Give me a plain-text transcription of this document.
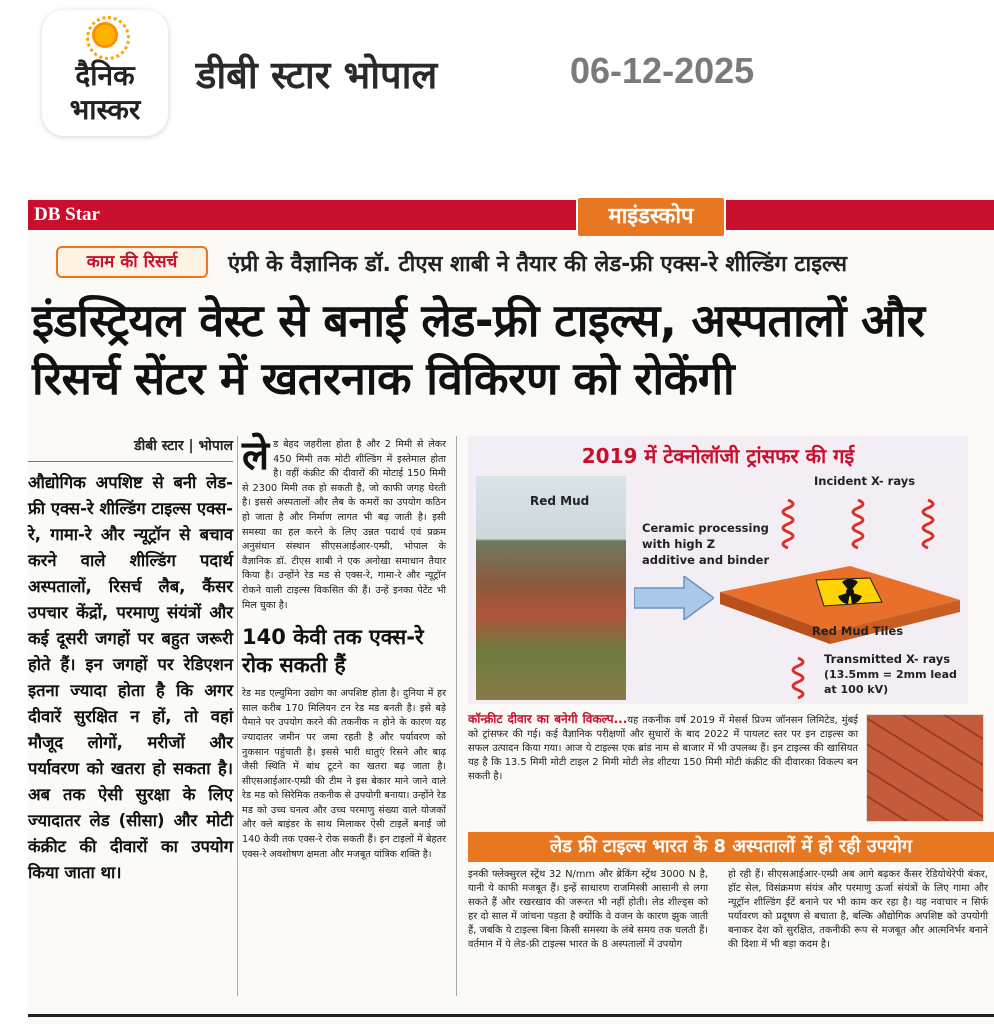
दैनिक
भास्कर
डीबी स्टार भोपाल	06-12-2025
DB Star	माइंडस्कोप
काम की रिसर्च	एंप्री के वैज्ञानिक डॉ. टीएस शाबी ने तैयार की लेड-फ्री एक्स-रे शील्डिंग टाइल्स
इंडस्ट्रियल वेस्ट से बनाई लेड-फ्री टाइल्स, अस्पतालों और रिसर्च सेंटर में खतरनाक विकिरण को रोकेंगी
डीबी स्टार | भोपाल

औद्योगिक अपशिष्ट से बनी लेड-फ्री एक्स-रे शील्डिंग टाइल्स एक्स-रे, गामा-रे और न्यूट्रॉन से बचाव करने वाले शील्डिंग पदार्थ अस्पतालों, रिसर्च लैब, कैंसर उपचार केंद्रों, परमाणु संयंत्रों और कई दूसरी जगहों पर बहुत जरूरी होते हैं। इन जगहों पर रेडिएशन इतना ज्यादा होता है कि अगर दीवारें सुरक्षित न हों, तो वहां मौजूद लोगों, मरीजों और पर्यावरण को खतरा हो सकता है। अब तक ऐसी सुरक्षा के लिए ज्यादातर लेड (सीसा) और मोटी कंक्रीट की दीवारों का उपयोग किया जाता था।

लेड बेहद जहरीला होता है और 2 मिमी से लेकर 450 मिमी तक मोटी शील्डिंग में इस्तेमाल होता है। वहीं कंक्रीट की दीवारों की मोटाई 150 मिमी से 2300 मिमी तक हो सकती है, जो काफी जगह घेरती है। इससे अस्पतालों और लैब के कमरों का उपयोग कठिन हो जाता है और निर्माण लागत भी बढ़ जाती है। इसी समस्या का हल करने के लिए उन्नत पदार्थ एवं प्रक्रम अनुसंधान संस्थान सीएसआईआर-एम्प्री, भोपाल के वैज्ञानिक डॉ. टीएस शाबी ने एक अनोखा समाधान तैयार किया है। उन्होंने रेड मड से एक्स-रे, गामा-रे और न्यूट्रॉन रोकने वाली टाइल्स विकसित की हैं। उन्हें इनका पेटेंट भी मिल चुका है।

140 केवी तक एक्स-रे रोक सकती हैं

रेड मड एल्युमिना उद्योग का अपशिष्ट होता है। दुनिया में हर साल करीब 170 मिलियन टन रेड मड बनती है। इसे बड़े पैमाने पर उपयोग करने की तकनीक न होने के कारण यह ज्यादातर जमीन पर जमा रहती है और पर्यावरण को नुकसान पहुंचाती है। इससे भारी धातुएं रिसने और बाढ़ जैसी स्थिति में बांध टूटने का खतरा बढ़ जाता है। सीएसआईआर-एम्प्री की टीम ने इस बेकार माने जाने वाले रेड मड को सिरेमिक तकनीक से उपयोगी बनाया। उन्होंने रेड मड को उच्च घनत्व और उच्च परमाणु संख्या वाले योजकों और क्ले बाइंडर के साथ मिलाकर ऐसी टाइलें बनाईं जो 140 केवी तक एक्स-रे रोक सकती हैं। इन टाइलों में बेहतर एक्स-रे अवशोषण क्षमता और मजबूत यांत्रिक शक्ति है।

2019 में टेक्नोलॉजी ट्रांसफर की गई
Red Mud
Ceramic processing with high Z additive and binder
Incident X- rays
Red Mud Tiles
Transmitted X- rays
(13.5mm = 2mm lead at 100 kV)

कॉन्क्रीट दीवार का बनेगी विकल्प...यह तकनीक वर्ष 2019 में मेसर्स प्रिज्म जॉनसन लिमिटेड, मुंबई को ट्रांसफर की गई। कई वैज्ञानिक परीक्षणों और सुधारों के बाद 2022 में पायलट स्तर पर इन टाइल्स का सफल उत्पादन किया गया। आज ये टाइल्स एक ब्रांड नाम से बाजार में भी उपलब्ध हैं। इन टाइल्स की खासियत यह है कि 13.5 मिमी मोटी टाइल 2 मिमी मोटी लेड शीटया 150 मिमी मोटी कंक्रीट की दीवारका विकल्प बन सकती है।

लेड फ्री टाइल्स भारत के 8 अस्पतालों में हो रही उपयोग

इनकी फ्लेक्सुरल स्ट्रेंथ 32 N/mm और ब्रेकिंग स्ट्रेंथ 3000 N है, यानी ये काफी मजबूत हैं। इन्हें साधारण राजमिस्त्री आसानी से लगा सकते हैं और रखरखाव की जरूरत भी नहीं होती। लेड शील्ड्स को हर दो साल में जांचना पड़ता है क्योंकि वे वजन के कारण झुक जाती हैं, जबकि ये टाइल्स बिना किसी समस्या के लंबे समय तक चलती हैं। वर्तमान में ये लेड-फ्री टाइल्स भारत के 8 अस्पतालों में उपयोग

हो रही हैं। सीएसआईआर-एम्प्री अब आगे बढ़कर कैंसर रेडियोथेरेपी बंकर, हॉट सेल, विसंक्रमण संयंत्र और परमाणु ऊर्जा संयंत्रों के लिए गामा और न्यूट्रॉन शील्डिंग ईंटें बनाने पर भी काम कर रहा है। यह नवाचार न सिर्फ पर्यावरण को प्रदूषण से बचाता है, बल्कि औद्योगिक अपशिष्ट को उपयोगी बनाकर देश को सुरक्षित, तकनीकी रूप से मजबूत और आत्मनिर्भर बनाने की दिशा में भी बड़ा कदम है।
